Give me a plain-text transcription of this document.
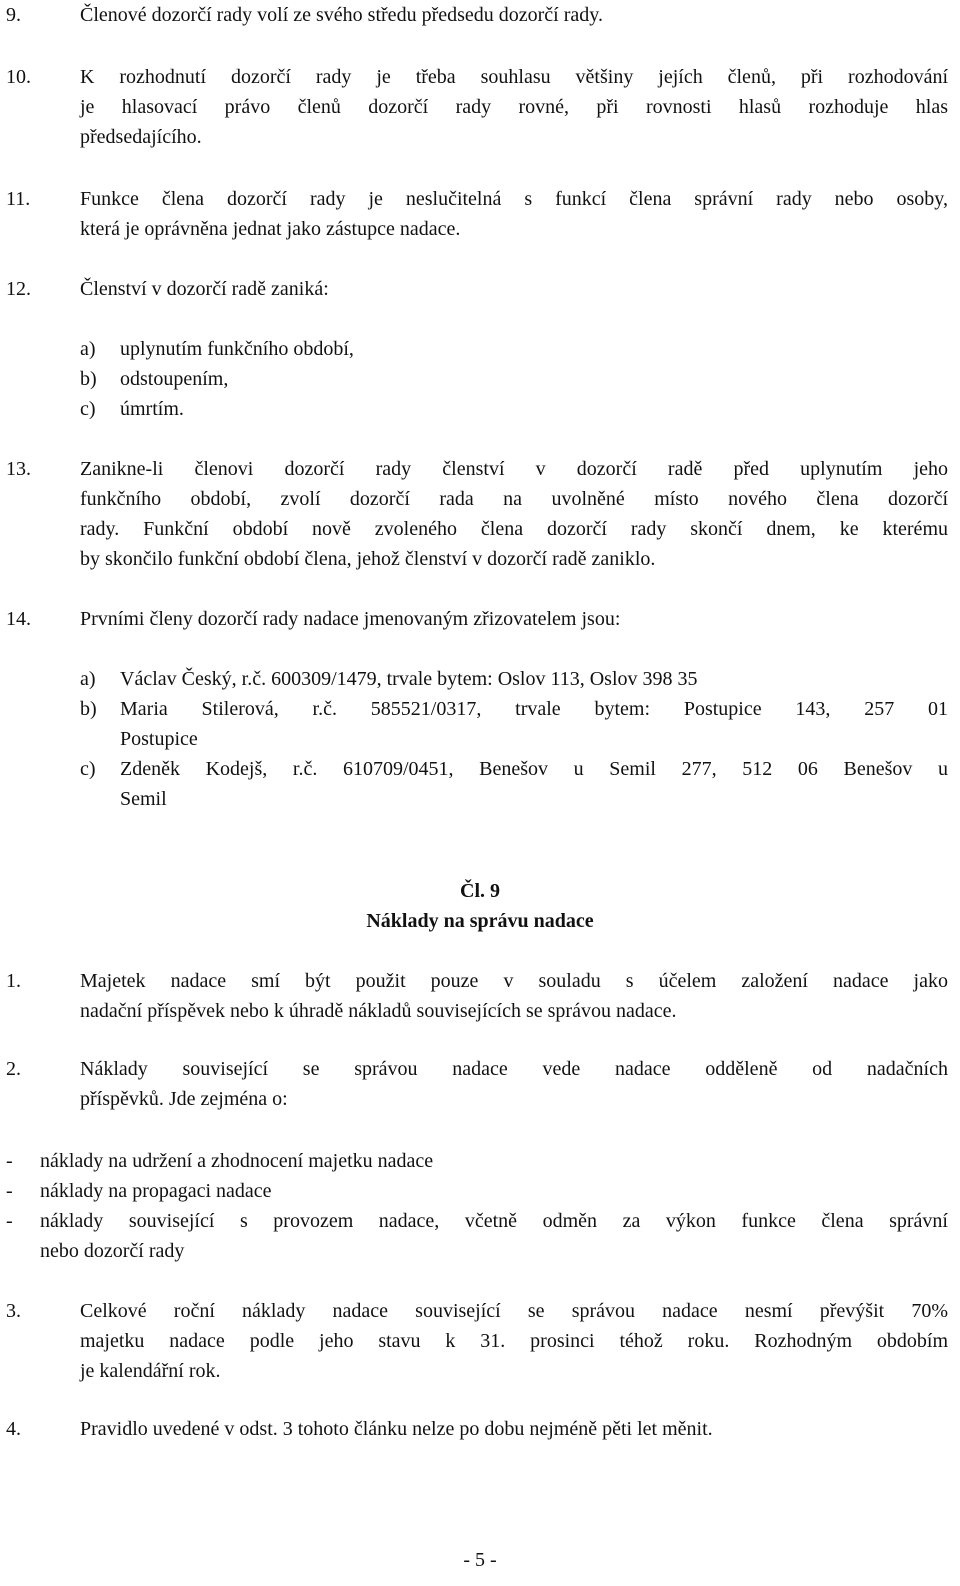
9.	Členové dozorčí rady volí ze svého středu předsedu dozorčí rady.
10. K rozhodnutí dozorčí rady je třeba souhlasu většiny jejích členů, při rozhodování
je hlasovací právo členů dozorčí rady rovné, při rovnosti hlasů rozhoduje hlas
předsedajícího.
11. Funkce člena dozorčí rady je neslučitelná s funkcí člena správní rady nebo osoby,
která je oprávněna jednat jako zástupce nadace.
12. Členství v dozorčí radě zaniká:
a) uplynutím funkčního období,
b) odstoupením,
c) úmrtím.
13. Zanikne-li členovi dozorčí rady členství v dozorčí radě před uplynutím jeho
funkčního období, zvolí dozorčí rada na uvolněné místo nového člena dozorčí
rady. Funkční období nově zvoleného člena dozorčí rady skončí dnem, ke kterému
by skončilo funkční období člena, jehož členství v dozorčí radě zaniklo.
14. Prvními členy dozorčí rady nadace jmenovaným zřizovatelem jsou:
a) Václav Český, r.č. 600309/1479, trvale bytem: Oslov 113, Oslov 398 35
b) Maria Stilerová, r.č. 585521/0317, trvale bytem: Postupice 143, 257 01
Postupice
c) Zdeněk Kodejš, r.č. 610709/0451, Benešov u Semil 277, 512 06 Benešov u
Semil
Čl. 9
Náklady na správu nadace
1.	Majetek nadace smí být použit pouze v souladu s účelem založení nadace jako
nadační příspěvek nebo k úhradě nákladů souvisejících se správou nadace.
2.	Náklady související se správou nadace vede nadace odděleně od nadačních
příspěvků. Jde zejména o:
- náklady na udržení a zhodnocení majetku nadace
- náklady na propagaci nadace
- náklady související s provozem nadace, včetně odměn za výkon funkce člena správní
nebo dozorčí rady
3.	Celkové roční náklady nadace související se správou nadace nesmí převýšit 70%
majetku nadace podle jeho stavu k 31. prosinci téhož roku. Rozhodným obdobím
je kalendářní rok.
4.	Pravidlo uvedené v odst. 3 tohoto článku nelze po dobu nejméně pěti let měnit.
- 5 -
